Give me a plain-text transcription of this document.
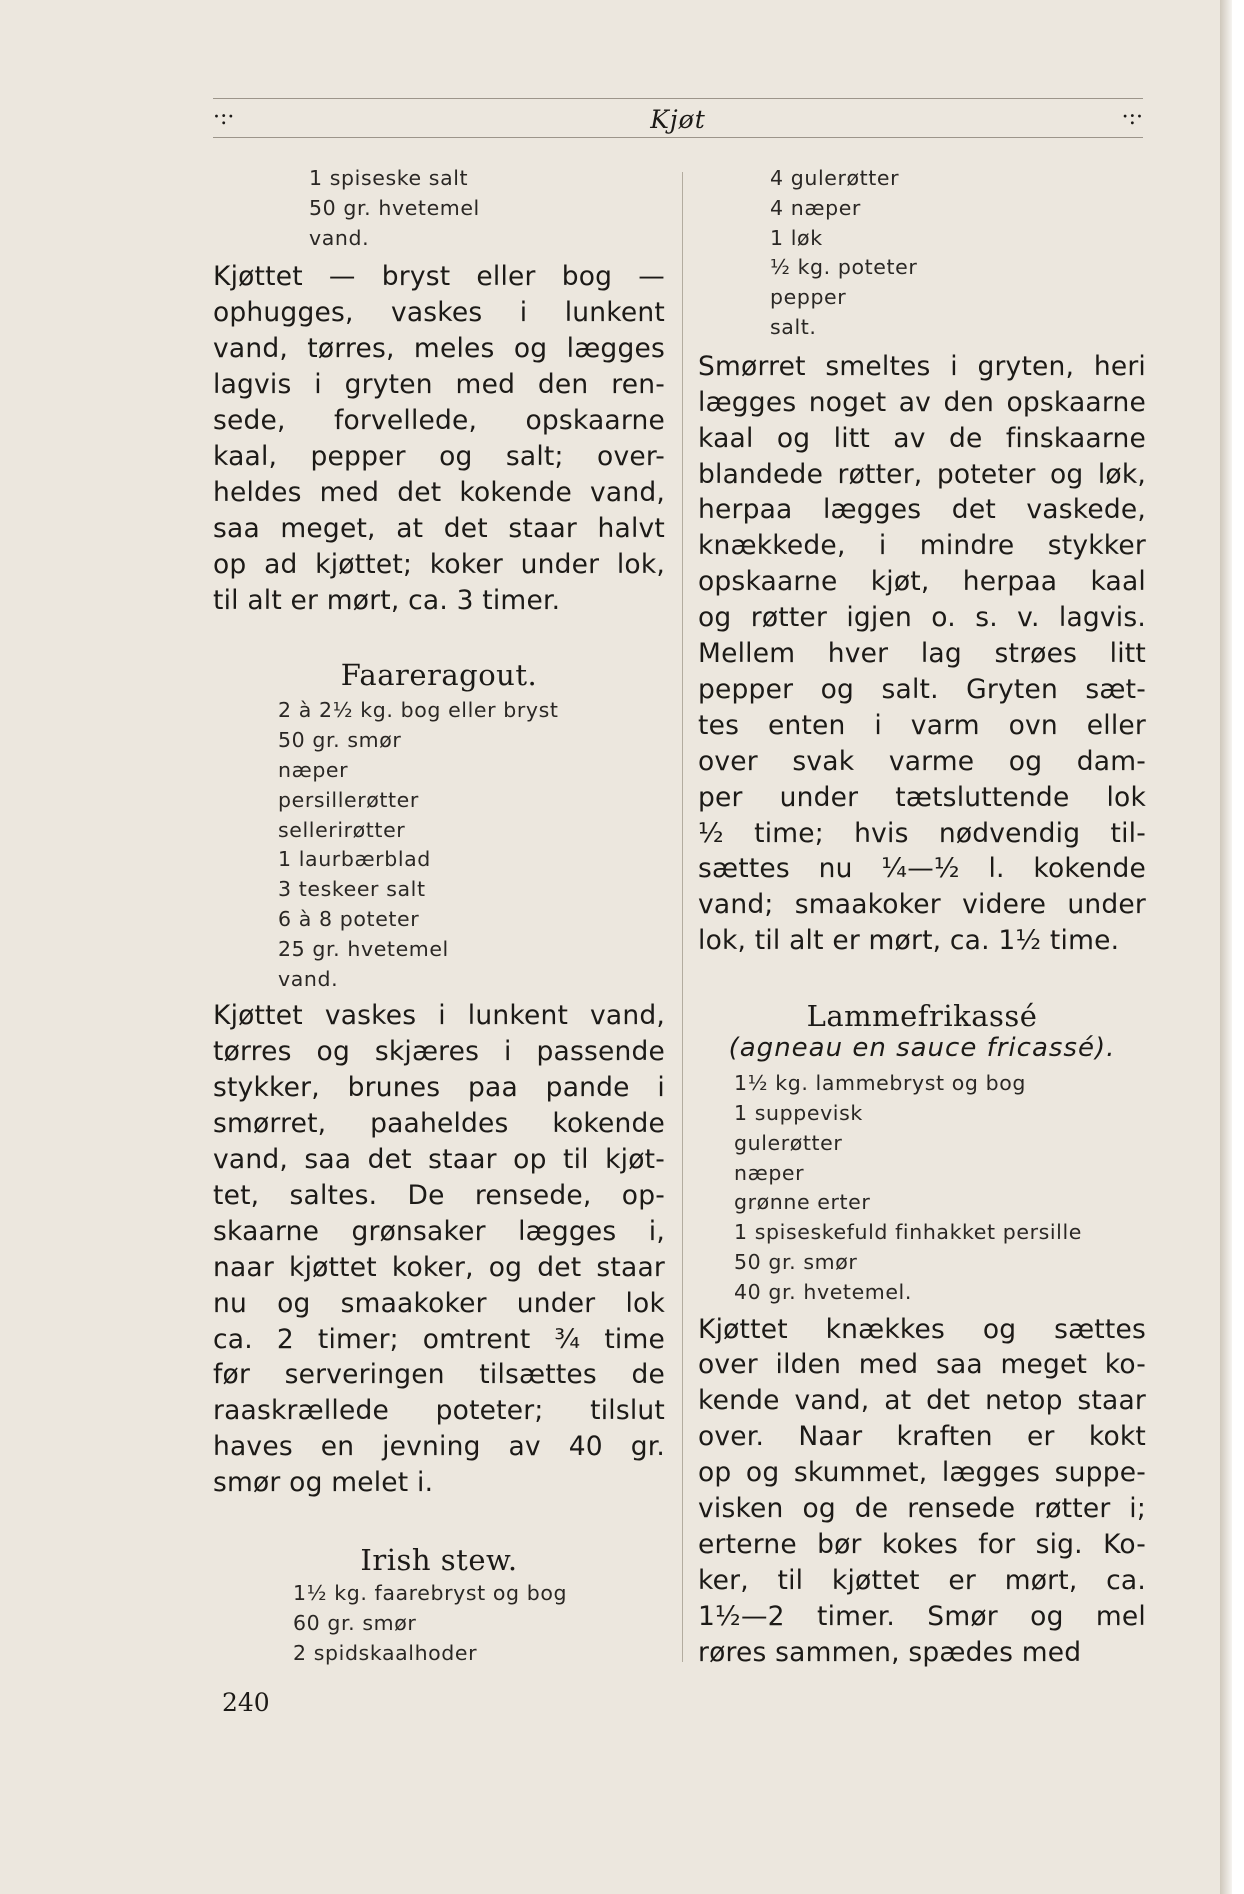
·:·	Kjøt	·:·
1 spiseske salt
50 gr. hvetemel
vand.
Kjøttet — bryst eller bog —
ophugges, vaskes i lunkent
vand, tørres, meles og lægges
lagvis i gryten med den ren-
sede, forvellede, opskaarne
kaal, pepper og salt; over-
heldes med det kokende vand,
saa meget, at det staar halvt
op ad kjøttet; koker under lok,
til alt er mørt, ca. 3 timer.
Faareragout.
2 à 2½ kg. bog eller bryst
50 gr. smør
næper
persillerøtter
sellerirøtter
1 laurbærblad
3 teskeer salt
6 à 8 poteter
25 gr. hvetemel
vand.
Kjøttet vaskes i lunkent vand,
tørres og skjæres i passende
stykker, brunes paa pande i
smørret, paaheldes kokende
vand, saa det staar op til kjøt-
tet, saltes. De rensede, op-
skaarne grønsaker lægges i,
naar kjøttet koker, og det staar
nu og smaakoker under lok
ca. 2 timer; omtrent ¾ time
før serveringen tilsættes de
raaskrællede poteter; tilslut
haves en jevning av 40 gr.
smør og melet i.
Irish stew.
1½ kg. faarebryst og bog
60 gr. smør
2 spidskaalhoder
4 gulerøtter
4 næper
1 løk
½ kg. poteter
pepper
salt.
Smørret smeltes i gryten, heri
lægges noget av den opskaarne
kaal og litt av de finskaarne
blandede røtter, poteter og løk,
herpaa lægges det vaskede,
knækkede, i mindre stykker
opskaarne kjøt, herpaa kaal
og røtter igjen o. s. v. lagvis.
Mellem hver lag strøes litt
pepper og salt. Gryten sæt-
tes enten i varm ovn eller
over svak varme og dam-
per under tætsluttende lok
½ time; hvis nødvendig til-
sættes nu ¼—½ l. kokende
vand; smaakoker videre under
lok, til alt er mørt, ca. 1½ time.
Lammefrikassé
(agneau en sauce fricassé).
1½ kg. lammebryst og bog
1 suppevisk
gulerøtter
næper
grønne erter
1 spiseskefuld finhakket persille
50 gr. smør
40 gr. hvetemel.
Kjøttet knækkes og sættes
over ilden med saa meget ko-
kende vand, at det netop staar
over. Naar kraften er kokt
op og skummet, lægges suppe-
visken og de rensede røtter i;
erterne bør kokes for sig. Ko-
ker, til kjøttet er mørt, ca.
1½—2 timer. Smør og mel
røres sammen, spædes med
240
